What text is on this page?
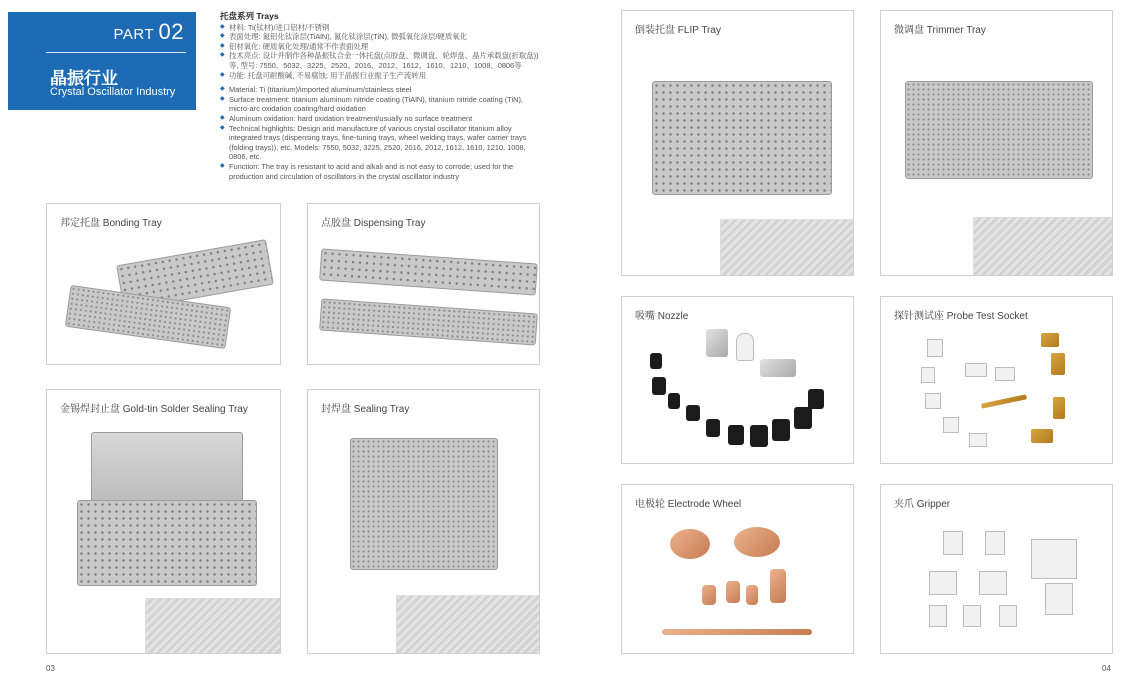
PART 02
晶振行业
Crystal Oscillator Industry
托盘系列 Trays
◆ 材料: Ti(钛材)/进口铝材/不锈钢
◆ 表面处理: 氮铝化钛涂层(TiAlN), 氮化钛涂层(TiN), 微弧氧化涂层/硬质氧化
◆ 铝材氧化: 硬质氧化处理/通常不作表面处理
◆ 技术亮点: 设计并制作各种晶振钛合金一体托盘(点胶盘、微调盘、轮焊盘、晶片承载盘(折取盘))等, 型号: 7550、5032、3225、2520、2016、2012、1612、1610、1210、1008、0806等
◆ 功能: 托盘可耐酸碱, 不易腐蚀; 用于晶振行业振子生产流转用
◆ Material: Ti (titanium)/imported aluminum/stainless steel
◆ Surface treatment: titanium aluminum nitride coating (TiAlN), titanium nitride coating (TiN), micro-arc oxidation coating/hard oxidation
◆ Aluminum oxidation: hard oxidation treatment/usually no surface treatment
◆ Technical highlights: Design and manufacture of various crystal oscillator titanium alloy integrated trays (dispensing trays, fine-tuning trays, wheel welding trays, wafer carrier trays (folding trays)), etc. Models: 7550, 5032, 3225, 2520, 2016, 2012, 1612, 1610, 1210, 1008, 0806, etc.
◆ Function: The tray is resistant to acid and alkali and is not easy to corrode; used for the production and circulation of oscillators in the crystal oscillator industry
邦定托盘 Bonding Tray	点胶盘 Dispensing Tray
金锡焊封止盘 Gold-tin Solder Sealing Tray	封焊盘 Sealing Tray
倒装托盘 FLIP Tray	微调盘 Trimmer Tray
吸嘴 Nozzle	探针测试座 Probe Test Socket
电极轮 Electrode Wheel	夹爪 Gripper
03	04
